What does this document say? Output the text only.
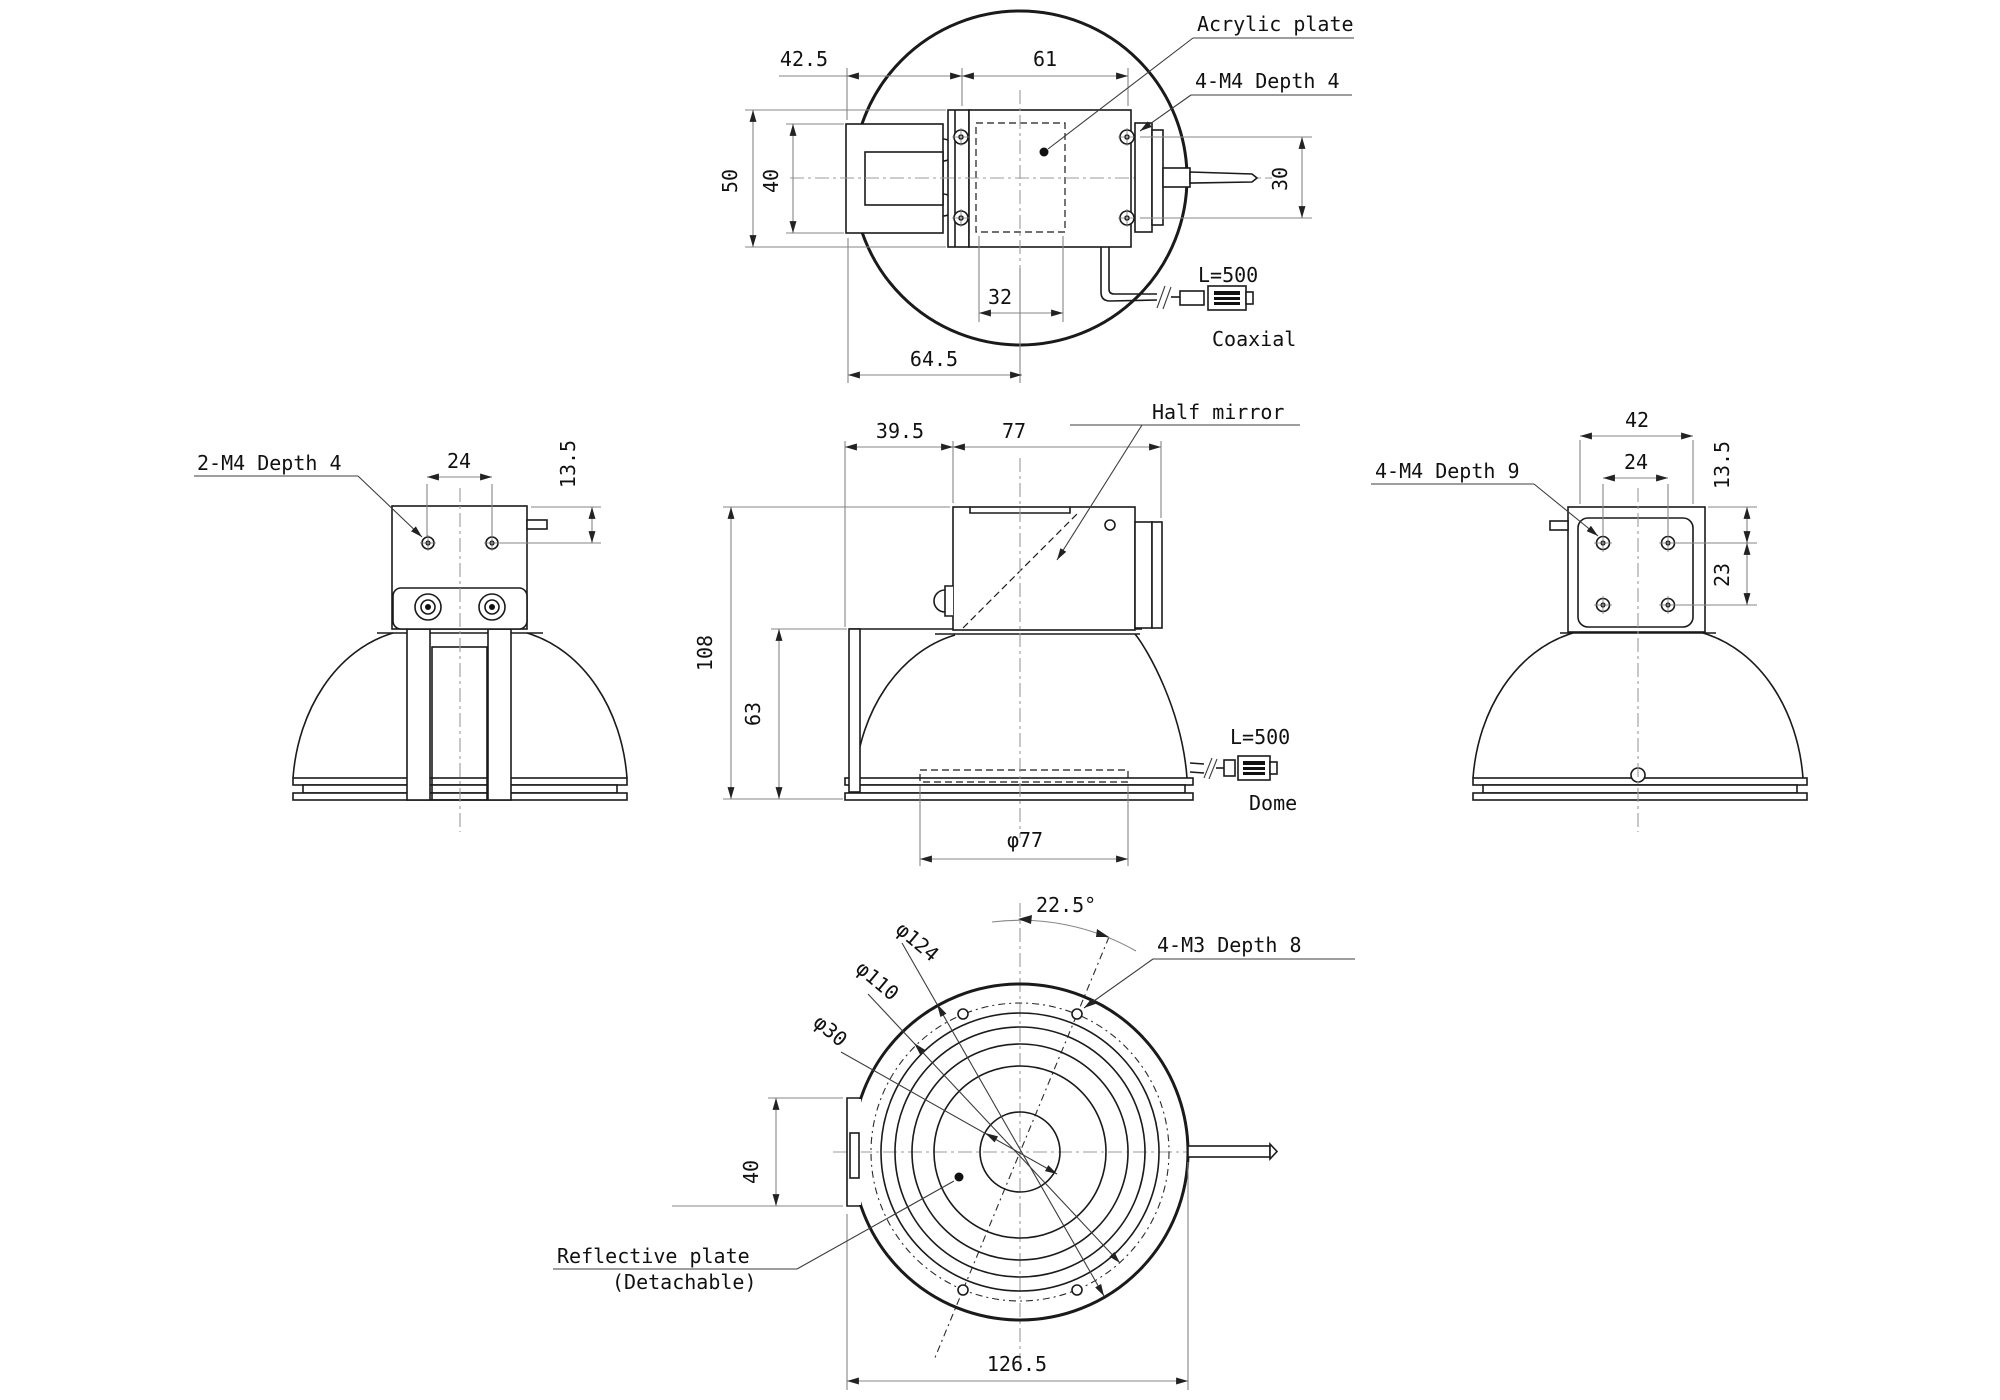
42.5	61
50 40	30
32
64.5
Acrylic plate
4-M4 Depth 4
L=500
Coaxial
24	13.5
2-M4 Depth 4
39.5	77
108
63
φ77
Half mirror
L=500
Dome
42
24	13.5
23
4-M4 Depth 9
22.5°
φ124
φ110
φ30
4-M3 Depth 8
40
126.5
Reflective plate
(Detachable)
